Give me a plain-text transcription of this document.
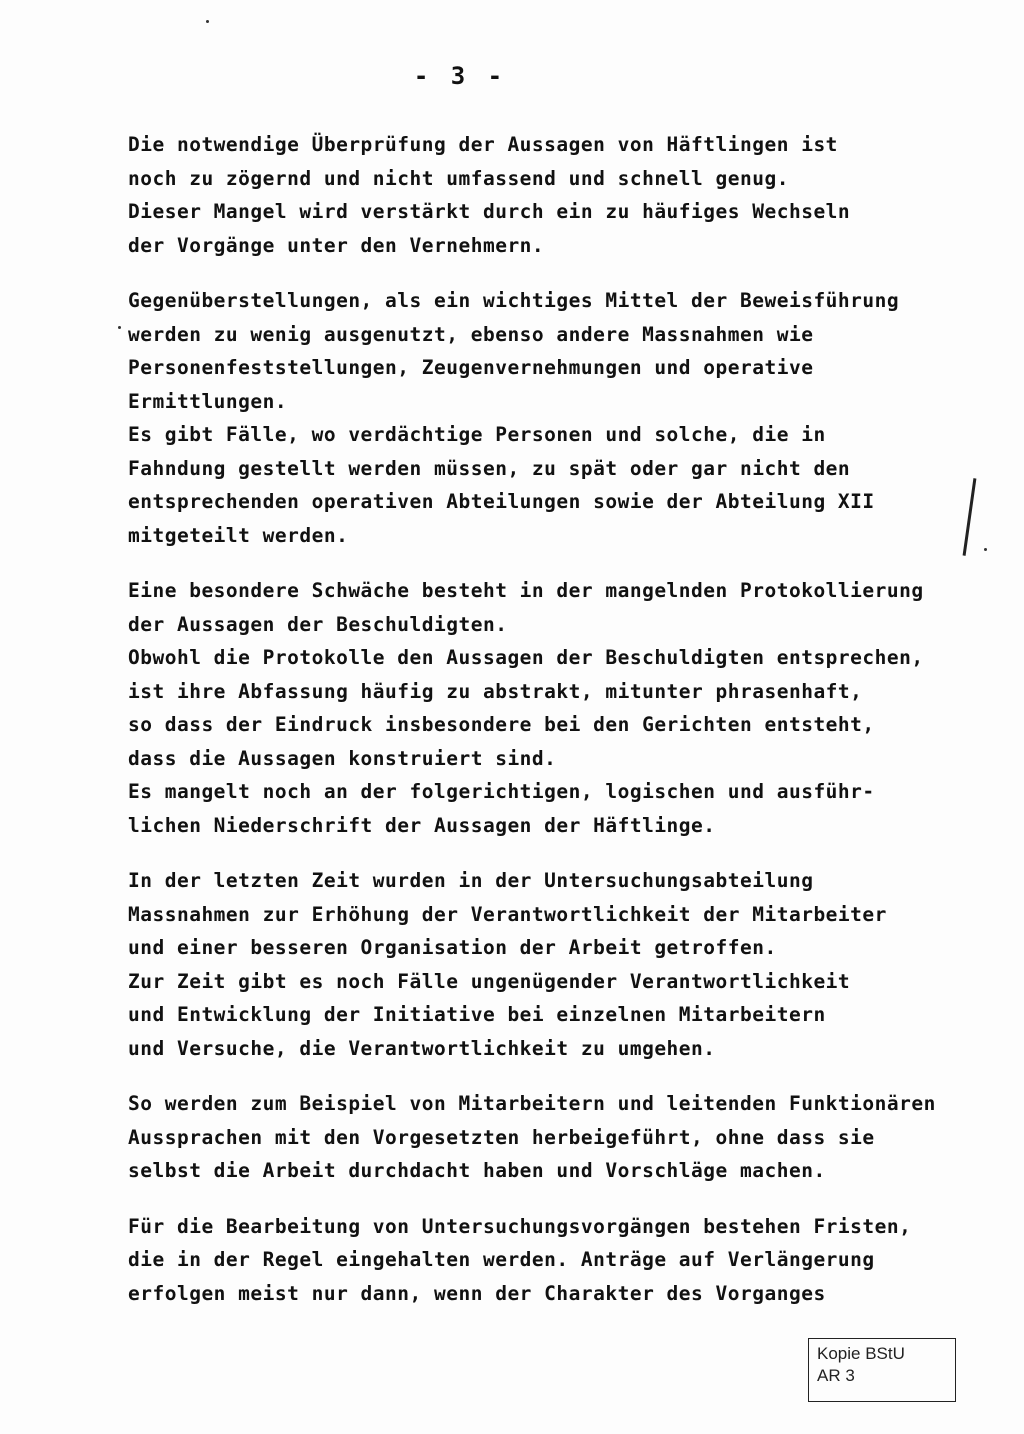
- 3 -
Die notwendige Überprüfung der Aussagen von Häftlingen ist
noch zu zögernd und nicht umfassend und schnell genug.
Dieser Mangel wird verstärkt durch ein zu häufiges Wechseln
der Vorgänge unter den Vernehmern.
Gegenüberstellungen, als ein wichtiges Mittel der Beweisführung
werden zu wenig ausgenutzt, ebenso andere Massnahmen wie
Personenfeststellungen, Zeugenvernehmungen und operative
Ermittlungen.
Es gibt Fälle, wo verdächtige Personen und solche, die in
Fahndung gestellt werden müssen, zu spät oder gar nicht den
entsprechenden operativen Abteilungen sowie der Abteilung XII
mitgeteilt werden.
Eine besondere Schwäche besteht in der mangelnden Protokollierung
der Aussagen der Beschuldigten.
Obwohl die Protokolle den Aussagen der Beschuldigten entsprechen,
ist ihre Abfassung häufig zu abstrakt, mitunter phrasenhaft,
so dass der Eindruck insbesondere bei den Gerichten entsteht,
dass die Aussagen konstruiert sind.
Es mangelt noch an der folgerichtigen, logischen und ausführ-
lichen Niederschrift der Aussagen der Häftlinge.
In der letzten Zeit wurden in der Untersuchungsabteilung
Massnahmen zur Erhöhung der Verantwortlichkeit der Mitarbeiter
und einer besseren Organisation der Arbeit getroffen.
Zur Zeit gibt es noch Fälle ungenügender Verantwortlichkeit
und Entwicklung der Initiative bei einzelnen Mitarbeitern
und Versuche, die Verantwortlichkeit zu umgehen.
So werden zum Beispiel von Mitarbeitern und leitenden Funktionären
Aussprachen mit den Vorgesetzten herbeigeführt, ohne dass sie
selbst die Arbeit durchdacht haben und Vorschläge machen.
Für die Bearbeitung von Untersuchungsvorgängen bestehen Fristen,
die in der Regel eingehalten werden. Anträge auf Verlängerung
erfolgen meist nur dann, wenn der Charakter des Vorganges
Kopie BStU
AR 3
